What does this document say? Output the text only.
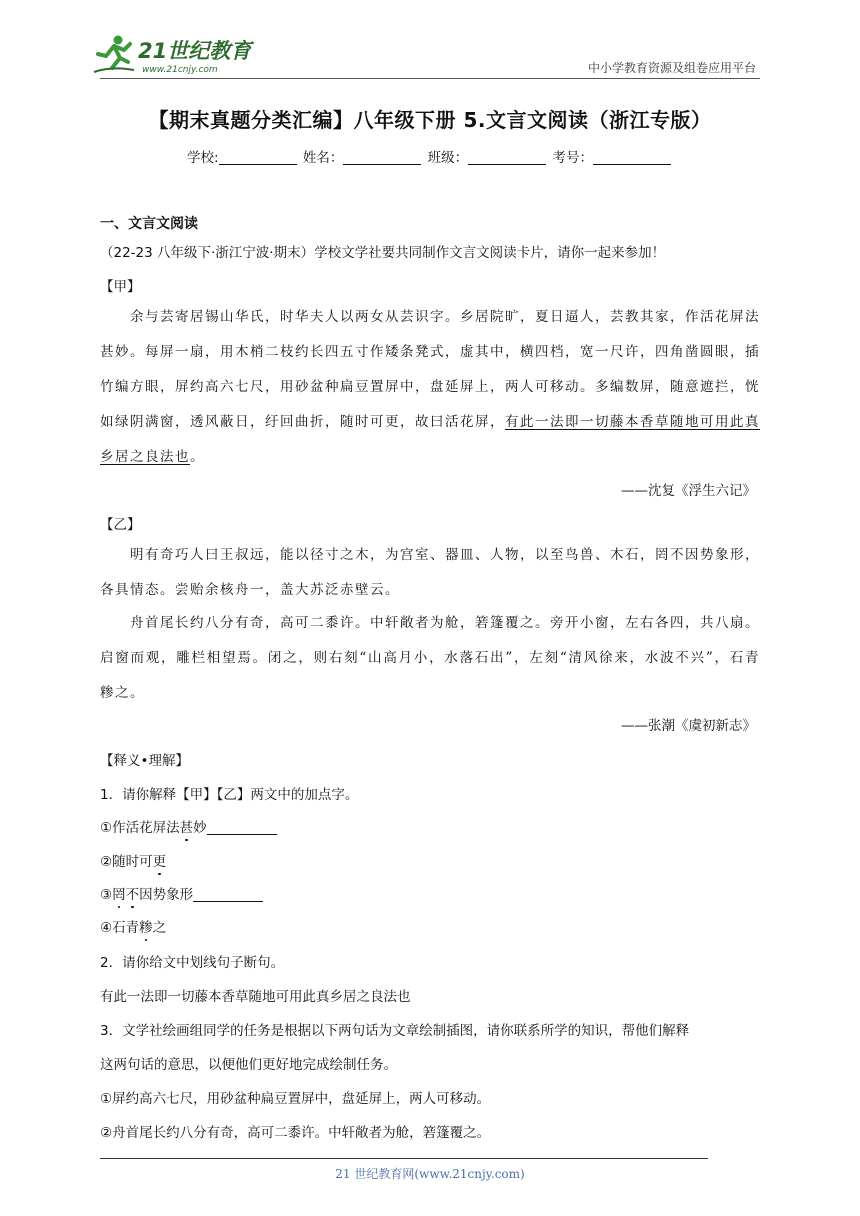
21世纪教育
www.21cnjy.com	中小学教育资源及组卷应用平台
【期末真题分类汇编】八年级下册 5.文言文阅读（浙江专版）
学校:	姓名：	班级：	考号：
一、文言文阅读
（22-23 八年级下·浙江宁波·期末）学校文学社要共同制作文言文阅读卡片，请你一起来参加！
【甲】
余与芸寄居锡山华氏，时华夫人以两女从芸识字。乡居院旷，夏日逼人，芸教其家，作活花屏法甚妙。每屏一扇，用木梢二枝约长四五寸作矮条凳式，虚其中，横四档，宽一尺许，四角凿圆眼，插竹编方眼，屏约高六七尺，用砂盆种扁豆置屏中，盘延屏上，两人可移动。多编数屏，随意遮拦，恍如绿阴满窗，透风蔽日，纡回曲折，随时可更，故曰活花屏，有此一法即一切藤本香草随地可用此真乡居之良法也。
——沈复《浮生六记》
【乙】
明有奇巧人曰王叔远，能以径寸之木，为宫室、器皿、人物，以至鸟兽、木石，罔不因势象形，各具情态。尝贻余核舟一，盖大苏泛赤壁云。
舟首尾长约八分有奇，高可二黍许。中轩敞者为舱，箬篷覆之。旁开小窗，左右各四，共八扇。启窗而观，雕栏相望焉。闭之，则右刻“山高月小，水落石出”，左刻“清风徐来，水波不兴”，石青糁之。
——张潮《虞初新志》
【释义•理解】
1．请你解释【甲】【乙】两文中的加点字。
①作活花屏法甚妙
②随时可更
③罔不因势象形
④石青糁之
2．请你给文中划线句子断句。
有此一法即一切藤本香草随地可用此真乡居之良法也
3．文学社绘画组同学的任务是根据以下两句话为文章绘制插图，请你联系所学的知识，帮他们解释
这两句话的意思，以便他们更好地完成绘制任务。
①屏约高六七尺，用砂盆种扁豆置屏中，盘延屏上，两人可移动。
②舟首尾长约八分有奇，高可二黍许。中轩敞者为舱，箬篷覆之。
21 世纪教育网(www.21cnjy.com)
